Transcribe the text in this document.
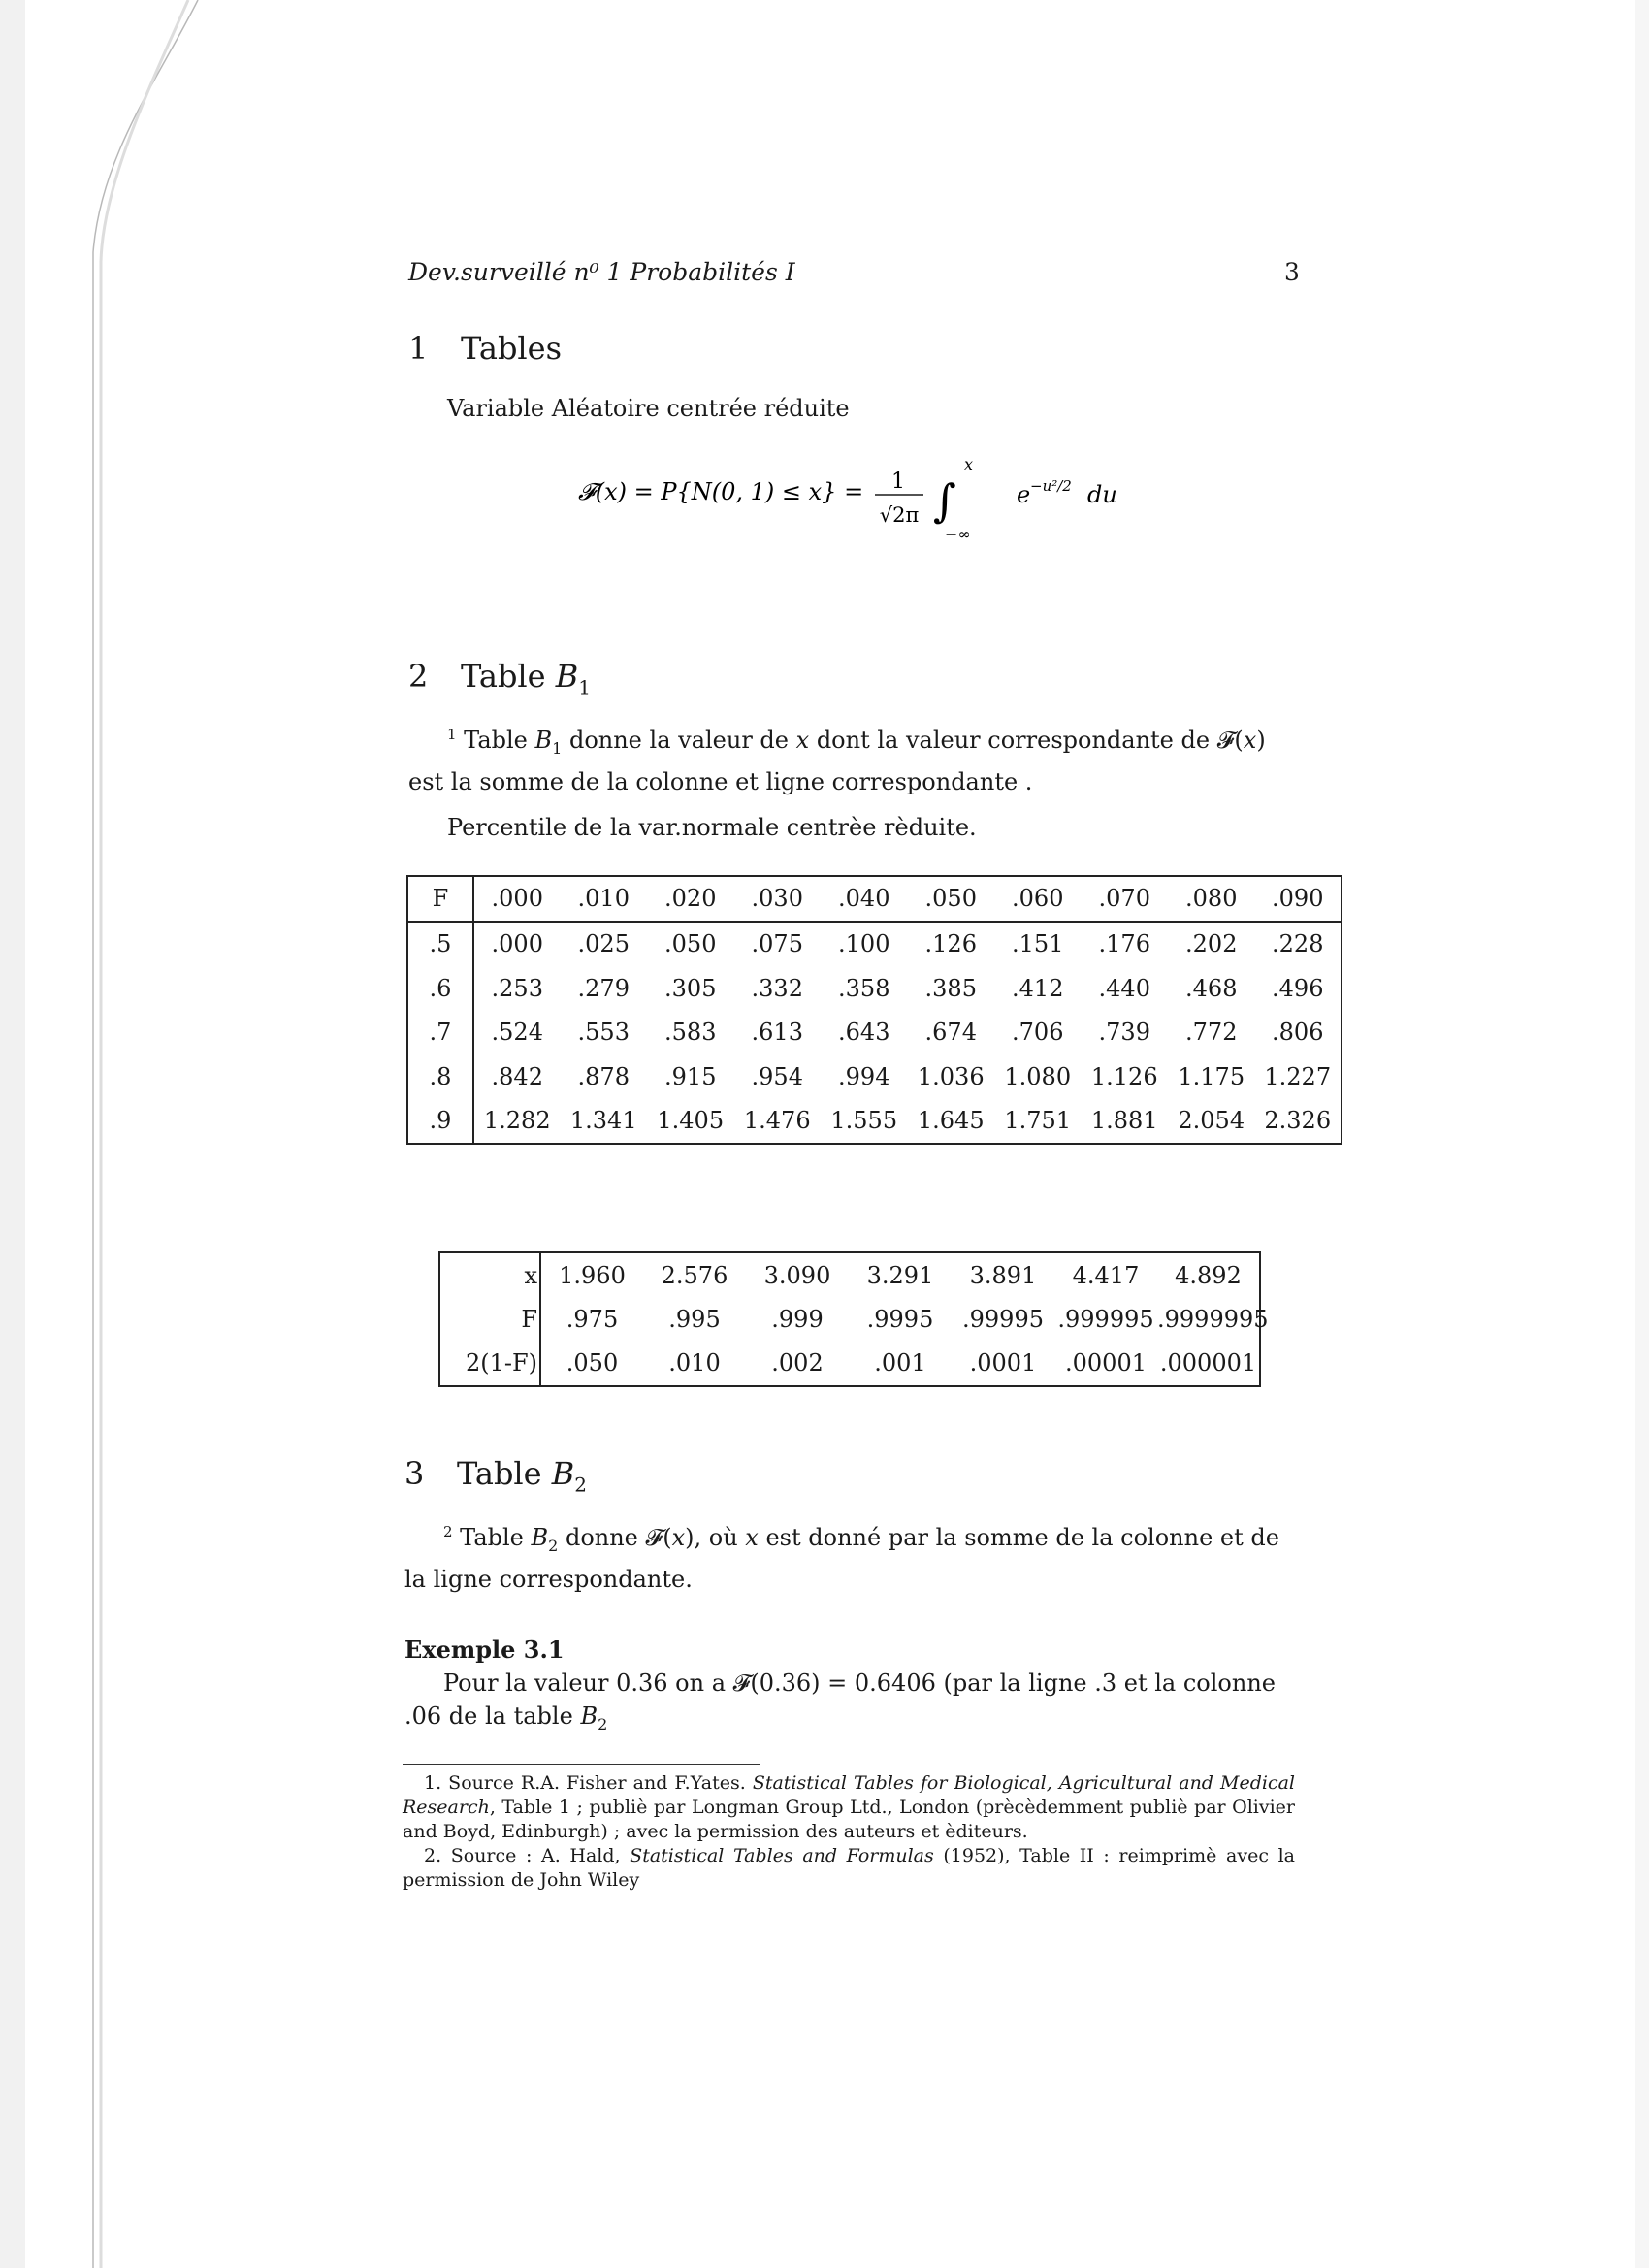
Dev.surveillé n⁰ 1 Probabilités I	3
1 Tables
Variable Aléatoire centrée réduite
𝓕(x) = P{N(0, 1) ≤ x} = 1
√2π ∫
x
−∞
e −u²/2 du
2 Table $B_1$
$^1$ Table $B_1$ donne la valeur de x dont la valeur correspondante de 𝓕(x) est la somme de la colonne et ligne correspondante .
Percentile de la var.normale centrèe rèduite.
F	.000	.010	.020	.030	.040	.050	.060	.070	.080	.090
.5	.000	.025	.050	.075	.100	.126	.151	.176	.202	.228
.6	.253	.279	.305	.332	.358	.385	.412	.440	.468	.496
.7	.524	.553	.583	.613	.643	.674	.706	.739	.772	.806
.8	.842	.878	.915	.954	.994	1.036	1.080	1.126	1.175	1.227
.9	1.282	1.341	1.405	1.476	1.555	1.645	1.751	1.881	2.054	2.326
x	1.960	2.576	3.090	3.291	3.891	4.417	4.892
F	.975	.995	.999	.9995	.99995	.999995	.9999995
2(1-F)	.050	.010	.002	.001	.0001	.00001	.000001
3 Table $B_2$
$^2$ Table $B_2$ donne 𝓕(x), où x est donné par la somme de la colonne et de la ligne correspondante.
Exemple 3.1
Pour la valeur 0.36 on a 𝓕(0.36) = 0.6406 (par la ligne .3 et la colonne .06 de la table $B_2$

1. Source R.A. Fisher and F.Yates. Statistical Tables for Biological, Agricultural and Medical Research, Table 1 ; publiè par Longman Group Ltd., London (prècèdemment publiè par Olivier and Boyd, Edinburgh) ; avec la permission des auteurs et èditeurs.

2. Source : A. Hald, Statistical Tables and Formulas (1952), Table II : reimprimè avec la permission de John Wiley
